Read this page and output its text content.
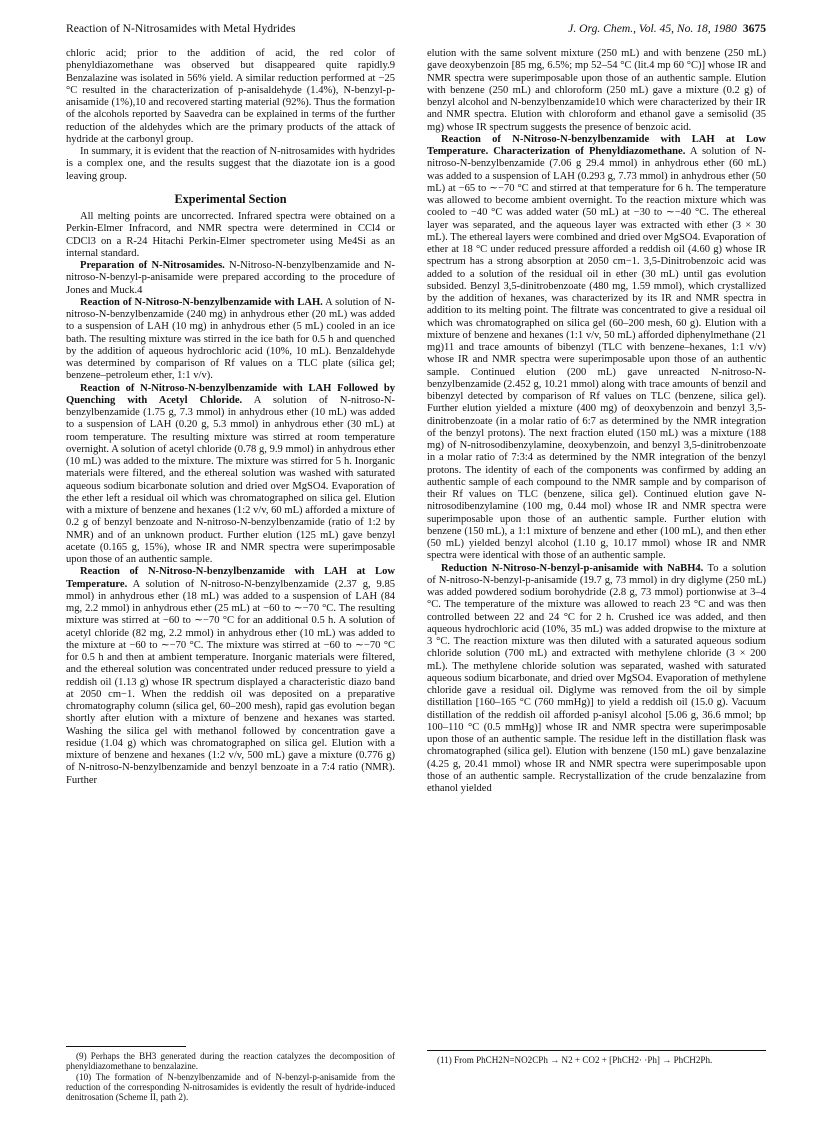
Reaction of N-Nitrosamides with Metal Hydrides	J. Org. Chem., Vol. 45, No. 18, 1980 3675

chloric acid; prior to the addition of acid, the red color of phenyldiazomethane was observed but disappeared quite rapidly.9 Benzalazine was isolated in 56% yield. A similar reduction performed at −25 °C resulted in the characterization of p-anisaldehyde (1.4%), N-benzyl-p-anisamide (1%),10 and recovered starting material (92%). Thus the formation of the alcohols reported by Saavedra can be explained in terms of the further reduction of the aldehydes which are the primary products of the attack of hydride at the carbonyl group.

In summary, it is evident that the reaction of N-nitrosamides with hydrides is a complex one, and the results suggest that the diazotate ion is a good leaving group.

Experimental Section

All melting points are uncorrected. Infrared spectra were obtained on a Perkin-Elmer Infracord, and NMR spectra were determined in CCl4 or CDCl3 on a R-24 Hitachi Perkin-Elmer spectrometer using Me4Si as an internal standard.

Preparation of N-Nitrosamides. N-Nitroso-N-benzylbenzamide and N-nitroso-N-benzyl-p-anisamide were prepared according to the procedure of Jones and Muck.4

Reaction of N-Nitroso-N-benzylbenzamide with LAH. A solution of N-nitroso-N-benzylbenzamide (240 mg) in anhydrous ether (20 mL) was added to a suspension of LAH (10 mg) in anhydrous ether (5 mL) cooled in an ice bath. The resulting mixture was stirred in the ice bath for 0.5 h and quenched by the addition of aqueous hydrochloric acid (10%, 10 mL). Benzaldehyde was determined by comparison of Rf values on a TLC plate (silica gel; benzene–petroleum ether, 1:1 v/v).

Reaction of N-Nitroso-N-benzylbenzamide with LAH Followed by Quenching with Acetyl Chloride. A solution of N-nitroso-N-benzylbenzamide (1.75 g, 7.3 mmol) in anhydrous ether (10 mL) was added to a suspension of LAH (0.20 g, 5.3 mmol) in anhydrous ether (30 mL) at room temperature. The resulting mixture was stirred at room temperature overnight. A solution of acetyl chloride (0.78 g, 9.9 mmol) in anhydrous ether (10 mL) was added to the mixture. The mixture was stirred for 5 h. Inorganic materials were filtered, and the ethereal solution was washed with saturated aqueous sodium bicarbonate solution and dried over MgSO4. Evaporation of the ether left a residual oil which was chromatographed on silica gel. Elution with a mixture of benzene and hexanes (1:2 v/v, 60 mL) afforded a mixture of 0.2 g of benzyl benzoate and N-nitroso-N-benzylbenzamide (ratio of 1:2 by NMR) and of an unknown product. Further elution (125 mL) gave benzyl acetate (0.165 g, 15%), whose IR and NMR spectra were superimposable upon those of an authentic sample.

Reaction of N-Nitroso-N-benzylbenzamide with LAH at Low Temperature. A solution of N-nitroso-N-benzylbenzamide (2.37 g, 9.85 mmol) in anhydrous ether (18 mL) was added to a suspension of LAH (84 mg, 2.2 mmol) in anhydrous ether (25 mL) at −60 to ∼−70 °C. The resulting mixture was stirred at −60 to ∼−70 °C for an additional 0.5 h. A solution of acetyl chloride (82 mg, 2.2 mmol) in anhydrous ether (10 mL) was added to the mixture at −60 to ∼−70 °C. The mixture was stirred at −60 to ∼−70 °C for 0.5 h and then at ambient temperature. Inorganic materials were filtered, and the ethereal solution was concentrated under reduced pressure to yield a reddish oil (1.13 g) whose IR spectrum displayed a characteristic diazo band at 2050 cm−1. When the reddish oil was deposited on a preparative chromatography column (silica gel, 60–200 mesh), rapid gas evolution began shortly after elution with a mixture of benzene and hexanes was started. Washing the silica gel with methanol followed by concentration gave a residue (1.04 g) which was chromatographed on silica gel. Elution with a mixture of benzene and hexanes (1:2 v/v, 500 mL) gave a mixture (0.776 g) of N-nitroso-N-benzylbenzamide and benzyl benzoate in a 7:4 ratio (NMR). Further

elution with the same solvent mixture (250 mL) and with benzene (250 mL) gave deoxybenzoin [85 mg, 6.5%; mp 52–54 °C (lit.4 mp 60 °C)] whose IR and NMR spectra were superimposable upon those of an authentic sample. Elution with benzene (250 mL) and chloroform (250 mL) gave a mixture (0.2 g) of benzyl alcohol and N-benzylbenzamide10 which were characterized by their IR and NMR spectra. Elution with chloroform and ethanol gave a semisolid (35 mg) whose IR spectrum suggests the presence of benzoic acid.

Reaction of N-Nitroso-N-benzylbenzamide with LAH at Low Temperature. Characterization of Phenyldiazomethane. A solution of N-nitroso-N-benzylbenzamide (7.06 g 29.4 mmol) in anhydrous ether (60 mL) was added to a suspension of LAH (0.293 g, 7.73 mmol) in anhydrous ether (50 mL) at −65 to ∼−70 °C and stirred at that temperature for 6 h. The temperature was allowed to become ambient overnight. To the reaction mixture which was cooled to −40 °C was added water (50 mL) at −30 to ∼−40 °C. The ethereal layer was separated, and the aqueous layer was extracted with ether (3 × 30 mL). The ethereal layers were combined and dried over MgSO4. Evaporation of ether at 18 °C under reduced pressure afforded a reddish oil (4.60 g) whose IR spectrum has a strong absorption at 2050 cm−1. 3,5-Dinitrobenzoic acid was added to a solution of the residual oil in ether (30 mL) until gas evolution subsided. Benzyl 3,5-dinitrobenzoate (480 mg, 1.59 mmol), which crystallized by the addition of hexanes, was characterized by its IR and NMR spectra in addition to its melting point. The filtrate was concentrated to give a residual oil which was chromatographed on silica gel (60–200 mesh, 60 g). Elution with a mixture of benzene and hexanes (1:1 v/v, 50 mL) afforded diphenylmethane (21 mg)11 and trace amounts of bibenzyl (TLC with benzene–hexanes, 1:1 v/v) whose IR and NMR spectra were superimposable upon those of an authentic sample. Continued elution (200 mL) gave unreacted N-nitroso-N-benzylbenzamide (2.452 g, 10.21 mmol) along with trace amounts of benzil and bibenzyl detected by comparison of Rf values on TLC (benzene, silica gel). Further elution yielded a mixture (400 mg) of deoxybenzoin and benzyl 3,5-dinitrobenzoate (in a molar ratio of 6:7 as determined by the NMR integration of the benzyl protons). The next fraction eluted (150 mL) was a mixture (188 mg) of N-nitrosodibenzylamine, deoxybenzoin, and benzyl 3,5-dinitrobenzoate in a molar ratio of 7:3:4 as determined by the NMR integration of the benzyl protons. The identity of each of the components was confirmed by adding an authentic sample of each compound to the NMR sample and by comparison of their Rf values on TLC (benzene, silica gel). Continued elution gave N-nitrosodibenzylamine (100 mg, 0.44 mol) whose IR and NMR spectra were superimposable upon those of an authentic sample. Further elution with benzene (150 mL), a 1:1 mixture of benzene and ether (100 mL), and then ether (50 mL) yielded benzyl alcohol (1.10 g, 10.17 mmol) whose IR and NMR spectra were identical with those of an authentic sample.

Reduction N-Nitroso-N-benzyl-p-anisamide with NaBH4. To a solution of N-nitroso-N-benzyl-p-anisamide (19.7 g, 73 mmol) in dry diglyme (250 mL) was added powdered sodium borohydride (2.8 g, 73 mmol) portionwise at 3–4 °C. The temperature of the mixture was allowed to reach 23 °C and was then controlled between 22 and 24 °C for 2 h. Crushed ice was added, and then aqueous hydrochloric acid (10%, 35 mL) was added dropwise to the mixture at 3 °C. The reaction mixture was then diluted with a saturated aqueous sodium chloride solution (700 mL) and extracted with methylene chloride (3 × 200 mL). The methylene chloride solution was separated, washed with saturated aqueous sodium bicarbonate, and dried over MgSO4. Evaporation of methylene chloride gave a residual oil. Diglyme was removed from the oil by simple distillation [160–165 °C (760 mmHg)] to yield a reddish oil (15.0 g). Vacuum distillation of the reddish oil afforded p-anisyl alcohol [5.06 g, 36.6 mmol; bp 100–110 °C (0.5 mmHg)] whose IR and NMR spectra were superimposable upon those of an authentic sample. The residue left in the distillation flask was chromatographed (silica gel). Elution with benzene (150 mL) gave benzalazine (4.25 g, 20.41 mmol) whose IR and NMR spectra were superimposable upon those of an authentic sample. Recrystallization of the crude benzalazine from ethanol yielded

(9) Perhaps the BH3 generated during the reaction catalyzes the decomposition of phenyldiazomethane to benzalazine.

(10) The formation of N-benzylbenzamide and of N-benzyl-p-anisamide from the reduction of the corresponding N-nitrosamides is evidently the result of hydride-induced denitrosation (Scheme II, path 2).

(11) From PhCH2N=NO2CPh → N2 + CO2 + [PhCH2· ·Ph] → PhCH2Ph.
